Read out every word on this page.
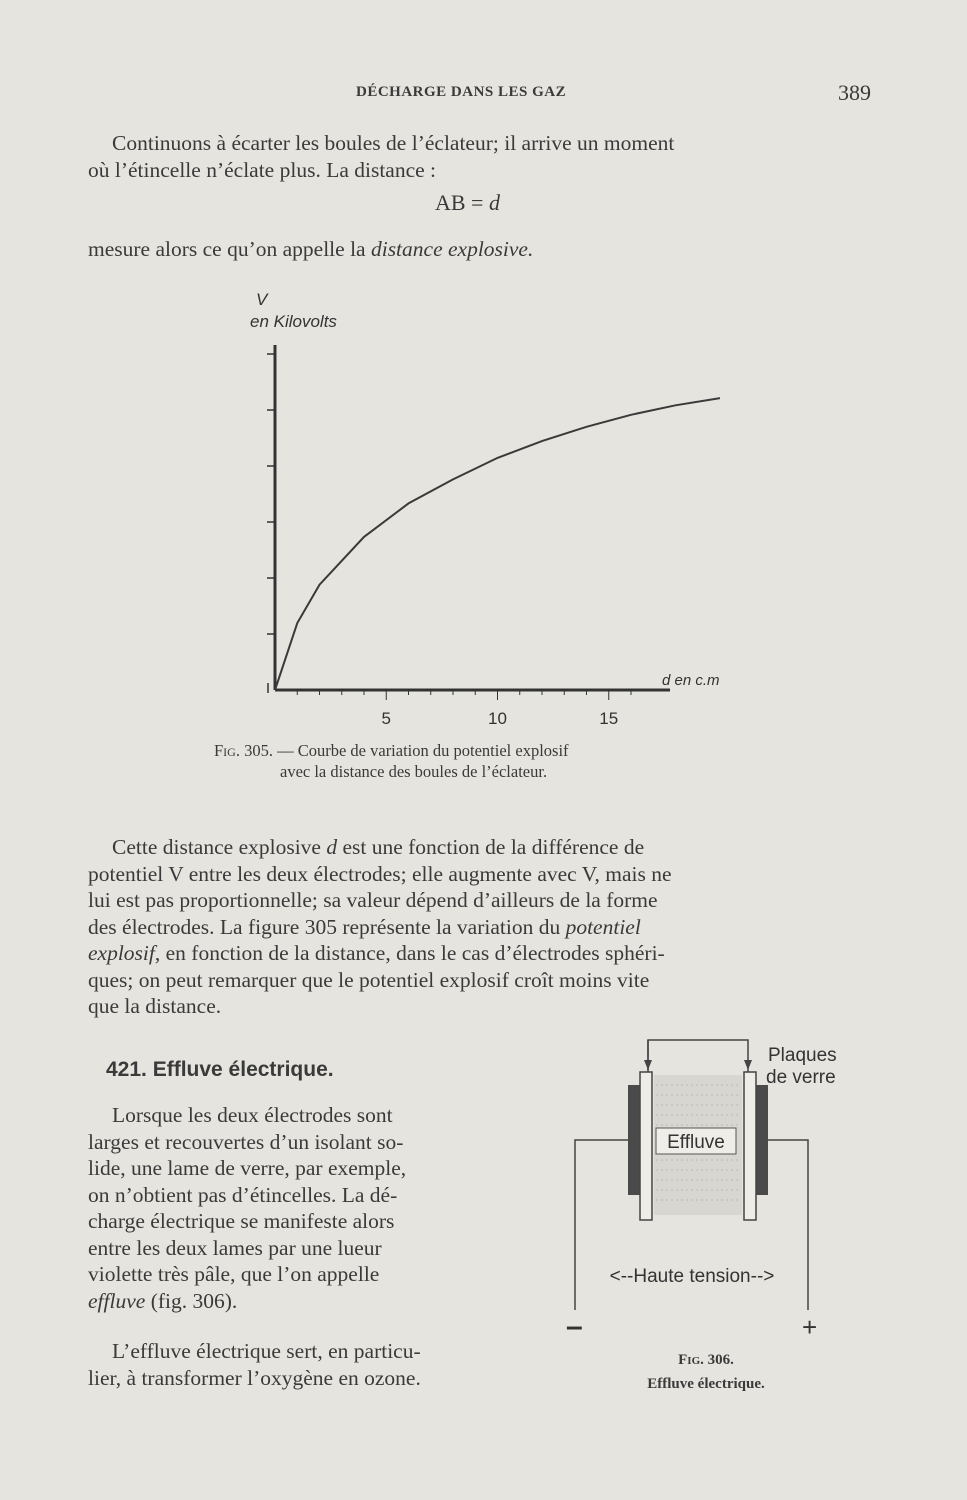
DÉCHARGE DANS LES GAZ	389
Continuons à écarter les boules de l’éclateur; il arrive un moment
où l’étincelle n’éclate plus. La distance :
AB = d
mesure alors ce qu’on appelle la distance explosive.
V
en Kilovolts
5	10	15
d en c.m
Fig. 305. — Courbe de variation du potentiel explosif
avec la distance des boules de l’éclateur.
Cette distance explosive d est une fonction de la différence de
potentiel V entre les deux électrodes; elle augmente avec V, mais ne
lui est pas proportionnelle; sa valeur dépend d’ailleurs de la forme
des électrodes. La figure 305 représente la variation du potentiel
explosif, en fonction de la distance, dans le cas d’électrodes sphéri-
ques; on peut remarquer que le potentiel explosif croît moins vite
que la distance.
421. Effluve électrique.
Lorsque les deux électrodes sont
larges et recouvertes d’un isolant so-
lide, une lame de verre, par exemple,
on n’obtient pas d’étincelles. La dé-
charge électrique se manifeste alors
entre les deux lames par une lueur
violette très pâle, que l’on appelle
effluve (fig. 306).
L’effluve électrique sert, en particu-
lier, à transformer l’oxygène en ozone.
Effluve
Plaques
de verre
<--Haute tension-->
–	+
Fig. 306.
Effluve électrique.
